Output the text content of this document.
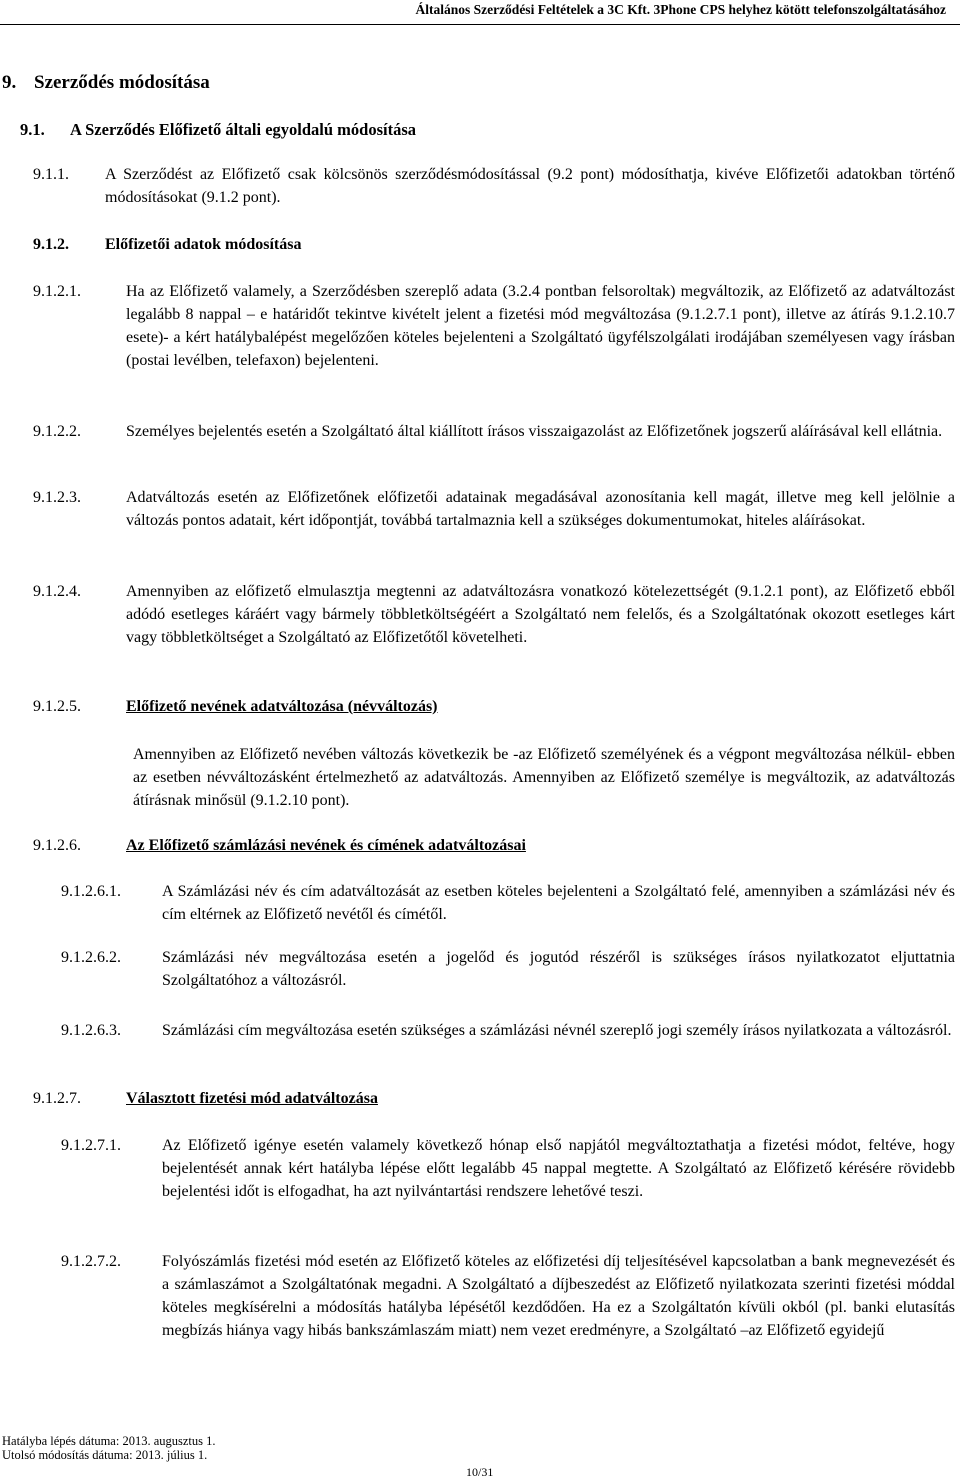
Általános Szerződési Feltételek a 3C Kft. 3Phone CPS helyhez kötött telefonszolgáltatásához
9. Szerződés módosítása
9.1. A Szerződés Előfizető általi egyoldalú módosítása
9.1.1. A Szerződést az Előfizető csak kölcsönös szerződésmódosítással (9.2 pont) módosíthatja, kivéve Előfizetői adatokban történő módosításokat (9.1.2 pont).
9.1.2. Előfizetői adatok módosítása
9.1.2.1.	Ha az Előfizető valamely, a Szerződésben szereplő adata (3.2.4 pontban felsoroltak) megváltozik, az Előfizető az adatváltozást legalább 8 nappal – e határidőt tekintve kivételt jelent a fizetési mód megváltozása (9.1.2.7.1 pont), illetve az átírás 9.1.2.10.7 esete)- a kért hatálybalépést megelőzően köteles bejelenteni a Szolgáltató ügyfélszolgálati irodájában személyesen vagy írásban (postai levélben, telefaxon) bejelenteni.
9.1.2.2.	Személyes bejelentés esetén a Szolgáltató által kiállított írásos visszaigazolást az Előfizetőnek jogszerű aláírásával kell ellátnia.
9.1.2.3.	Adatváltozás esetén az Előfizetőnek előfizetői adatainak megadásával azonosítania kell magát, illetve meg kell jelölnie a változás pontos adatait, kért időpontját, továbbá tartalmaznia kell a szükséges dokumentumokat, hiteles aláírásokat.
9.1.2.4.	Amennyiben az előfizető elmulasztja megtenni az adatváltozásra vonatkozó kötelezettségét (9.1.2.1 pont), az Előfizető ebből adódó esetleges káráért vagy bármely többletköltségéért a Szolgáltató nem felelős, és a Szolgáltatónak okozott esetleges kárt vagy többletköltséget a Szolgáltató az Előfizetőtől követelheti.
9.1.2.5.	Előfizető nevének adatváltozása (névváltozás)
Amennyiben az Előfizető nevében változás következik be -az Előfizető személyének és a végpont megváltozása nélkül- ebben az esetben névváltozásként értelmezhető az adatváltozás. Amennyiben az Előfizető személye is megváltozik, az adatváltozás átírásnak minősül (9.1.2.10 pont).
9.1.2.6.	Az Előfizető számlázási nevének és címének adatváltozásai
9.1.2.6.1.	A Számlázási név és cím adatváltozását az esetben köteles bejelenteni a Szolgáltató felé, amennyiben a számlázási név és cím eltérnek az Előfizető nevétől és címétől.
9.1.2.6.2.	Számlázási név megváltozása esetén a jogelőd és jogutód részéről is szükséges írásos nyilatkozatot eljuttatnia Szolgáltatóhoz a változásról.
9.1.2.6.3.	Számlázási cím megváltozása esetén szükséges a számlázási névnél szereplő jogi személy írásos nyilatkozata a változásról.
9.1.2.7.	Választott fizetési mód adatváltozása
9.1.2.7.1.	Az Előfizető igénye esetén valamely következő hónap első napjától megváltoztathatja a fizetési módot, feltéve, hogy bejelentését annak kért hatályba lépése előtt legalább 45 nappal megtette. A Szolgáltató az Előfizető kérésére rövidebb bejelentési időt is elfogadhat, ha azt nyilvántartási rendszere lehetővé teszi.
9.1.2.7.2.	Folyószámlás fizetési mód esetén az Előfizető köteles az előfizetési díj teljesítésével kapcsolatban a bank megnevezését és a számlaszámot a Szolgáltatónak megadni. A Szolgáltató a díjbeszedést az Előfizető nyilatkozata szerinti fizetési móddal köteles megkísérelni a módosítás hatályba lépésétől kezdődően. Ha ez a Szolgáltatón kívüli okból (pl. banki elutasítás megbízás hiánya vagy hibás bankszámlaszám miatt) nem vezet eredményre, a Szolgáltató –az Előfizető egyidejű
Hatályba lépés dátuma: 2013. augusztus 1.
Utolsó módosítás dátuma: 2013. július 1.
10/31
